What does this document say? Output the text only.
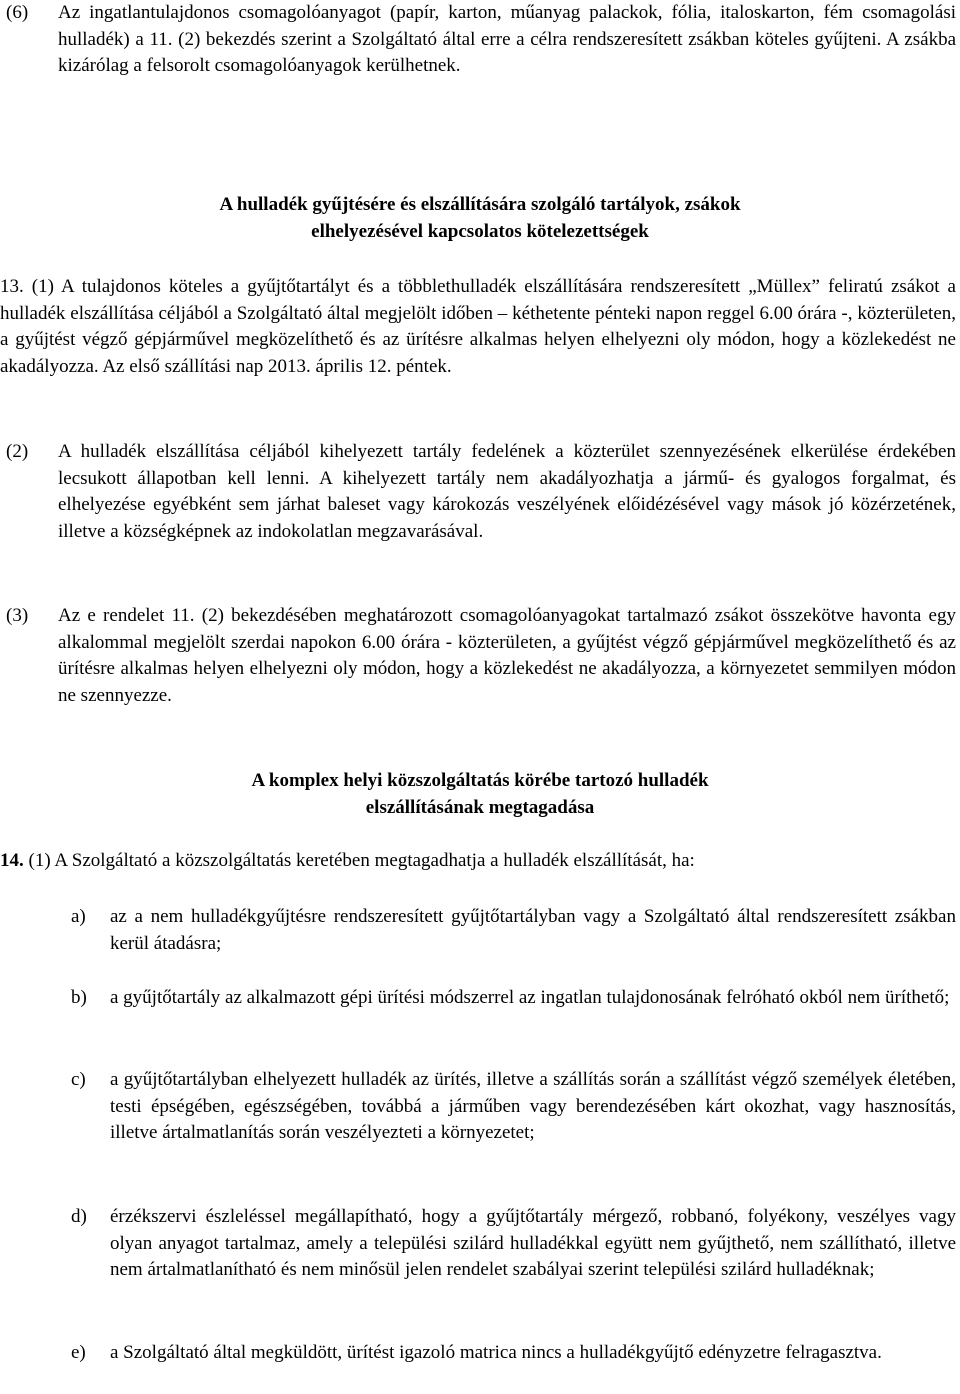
(6) Az ingatlantulajdonos csomagolóanyagot (papír, karton, műanyag palackok, fólia, italoskarton, fém csomagolási hulladék) a 11. (2) bekezdés szerint a Szolgáltató által erre a célra rendszeresített zsákban köteles gyűjteni. A zsákba kizárólag a felsorolt csomagolóanyagok kerülhetnek.
A hulladék gyűjtésére és elszállítására szolgáló tartályok, zsákok
elhelyezésével kapcsolatos kötelezettségek

13. (1) A tulajdonos köteles a gyűjtőtartályt és a többlethulladék elszállítására rendszeresített „Müllex” feliratú zsákot a hulladék elszállítása céljából a Szolgáltató által megjelölt időben – kéthetente pénteki napon reggel 6.00 órára -, közterületen, a gyűjtést végző gépjárművel megközelíthető és az ürítésre alkalmas helyen elhelyezni oly módon, hogy a közlekedést ne akadályozza. Az első szállítási nap 2013. április 12. péntek.

(2) A hulladék elszállítása céljából kihelyezett tartály fedelének a közterület szennyezésének elkerülése érdekében lecsukott állapotban kell lenni. A kihelyezett tartály nem akadályozhatja a jármű- és gyalogos forgalmat, és elhelyezése egyébként sem járhat baleset vagy károkozás veszélyének előidézésével vagy mások jó közérzetének, illetve a községképnek az indokolatlan megzavarásával.
(3) Az e rendelet 11. (2) bekezdésében meghatározott csomagolóanyagokat tartalmazó zsákot összekötve havonta egy alkalommal megjelölt szerdai napokon 6.00 órára - közterületen, a gyűjtést végző gépjárművel megközelíthető és az ürítésre alkalmas helyen elhelyezni oly módon, hogy a közlekedést ne akadályozza, a környezetet semmilyen módon ne szennyezze.
A komplex helyi közszolgáltatás körébe tartozó hulladék
elszállításának megtagadása
14. (1) A Szolgáltató a közszolgáltatás keretében megtagadhatja a hulladék elszállítását, ha:
a) az a nem hulladékgyűjtésre rendszeresített gyűjtőtartályban vagy a Szolgáltató által rendszeresített zsákban kerül átadásra;
b) a gyűjtőtartály az alkalmazott gépi ürítési módszerrel az ingatlan tulajdonosának felróható okból nem üríthető;
c) a gyűjtőtartályban elhelyezett hulladék az ürítés, illetve a szállítás során a szállítást végző személyek életében, testi épségében, egészségében, továbbá a járműben vagy berendezésében kárt okozhat, vagy hasznosítás, illetve ártalmatlanítás során veszélyezteti a környezetet;
d) érzékszervi észleléssel megállapítható, hogy a gyűjtőtartály mérgező, robbanó, folyékony, veszélyes vagy olyan anyagot tartalmaz, amely a települési szilárd hulladékkal együtt nem gyűjthető, nem szállítható, illetve nem ártalmatlanítható és nem minősül jelen rendelet szabályai szerint települési szilárd hulladéknak;
e) a Szolgáltató által megküldött, ürítést igazoló matrica nincs a hulladékgyűjtő edényzetre felragasztva.
